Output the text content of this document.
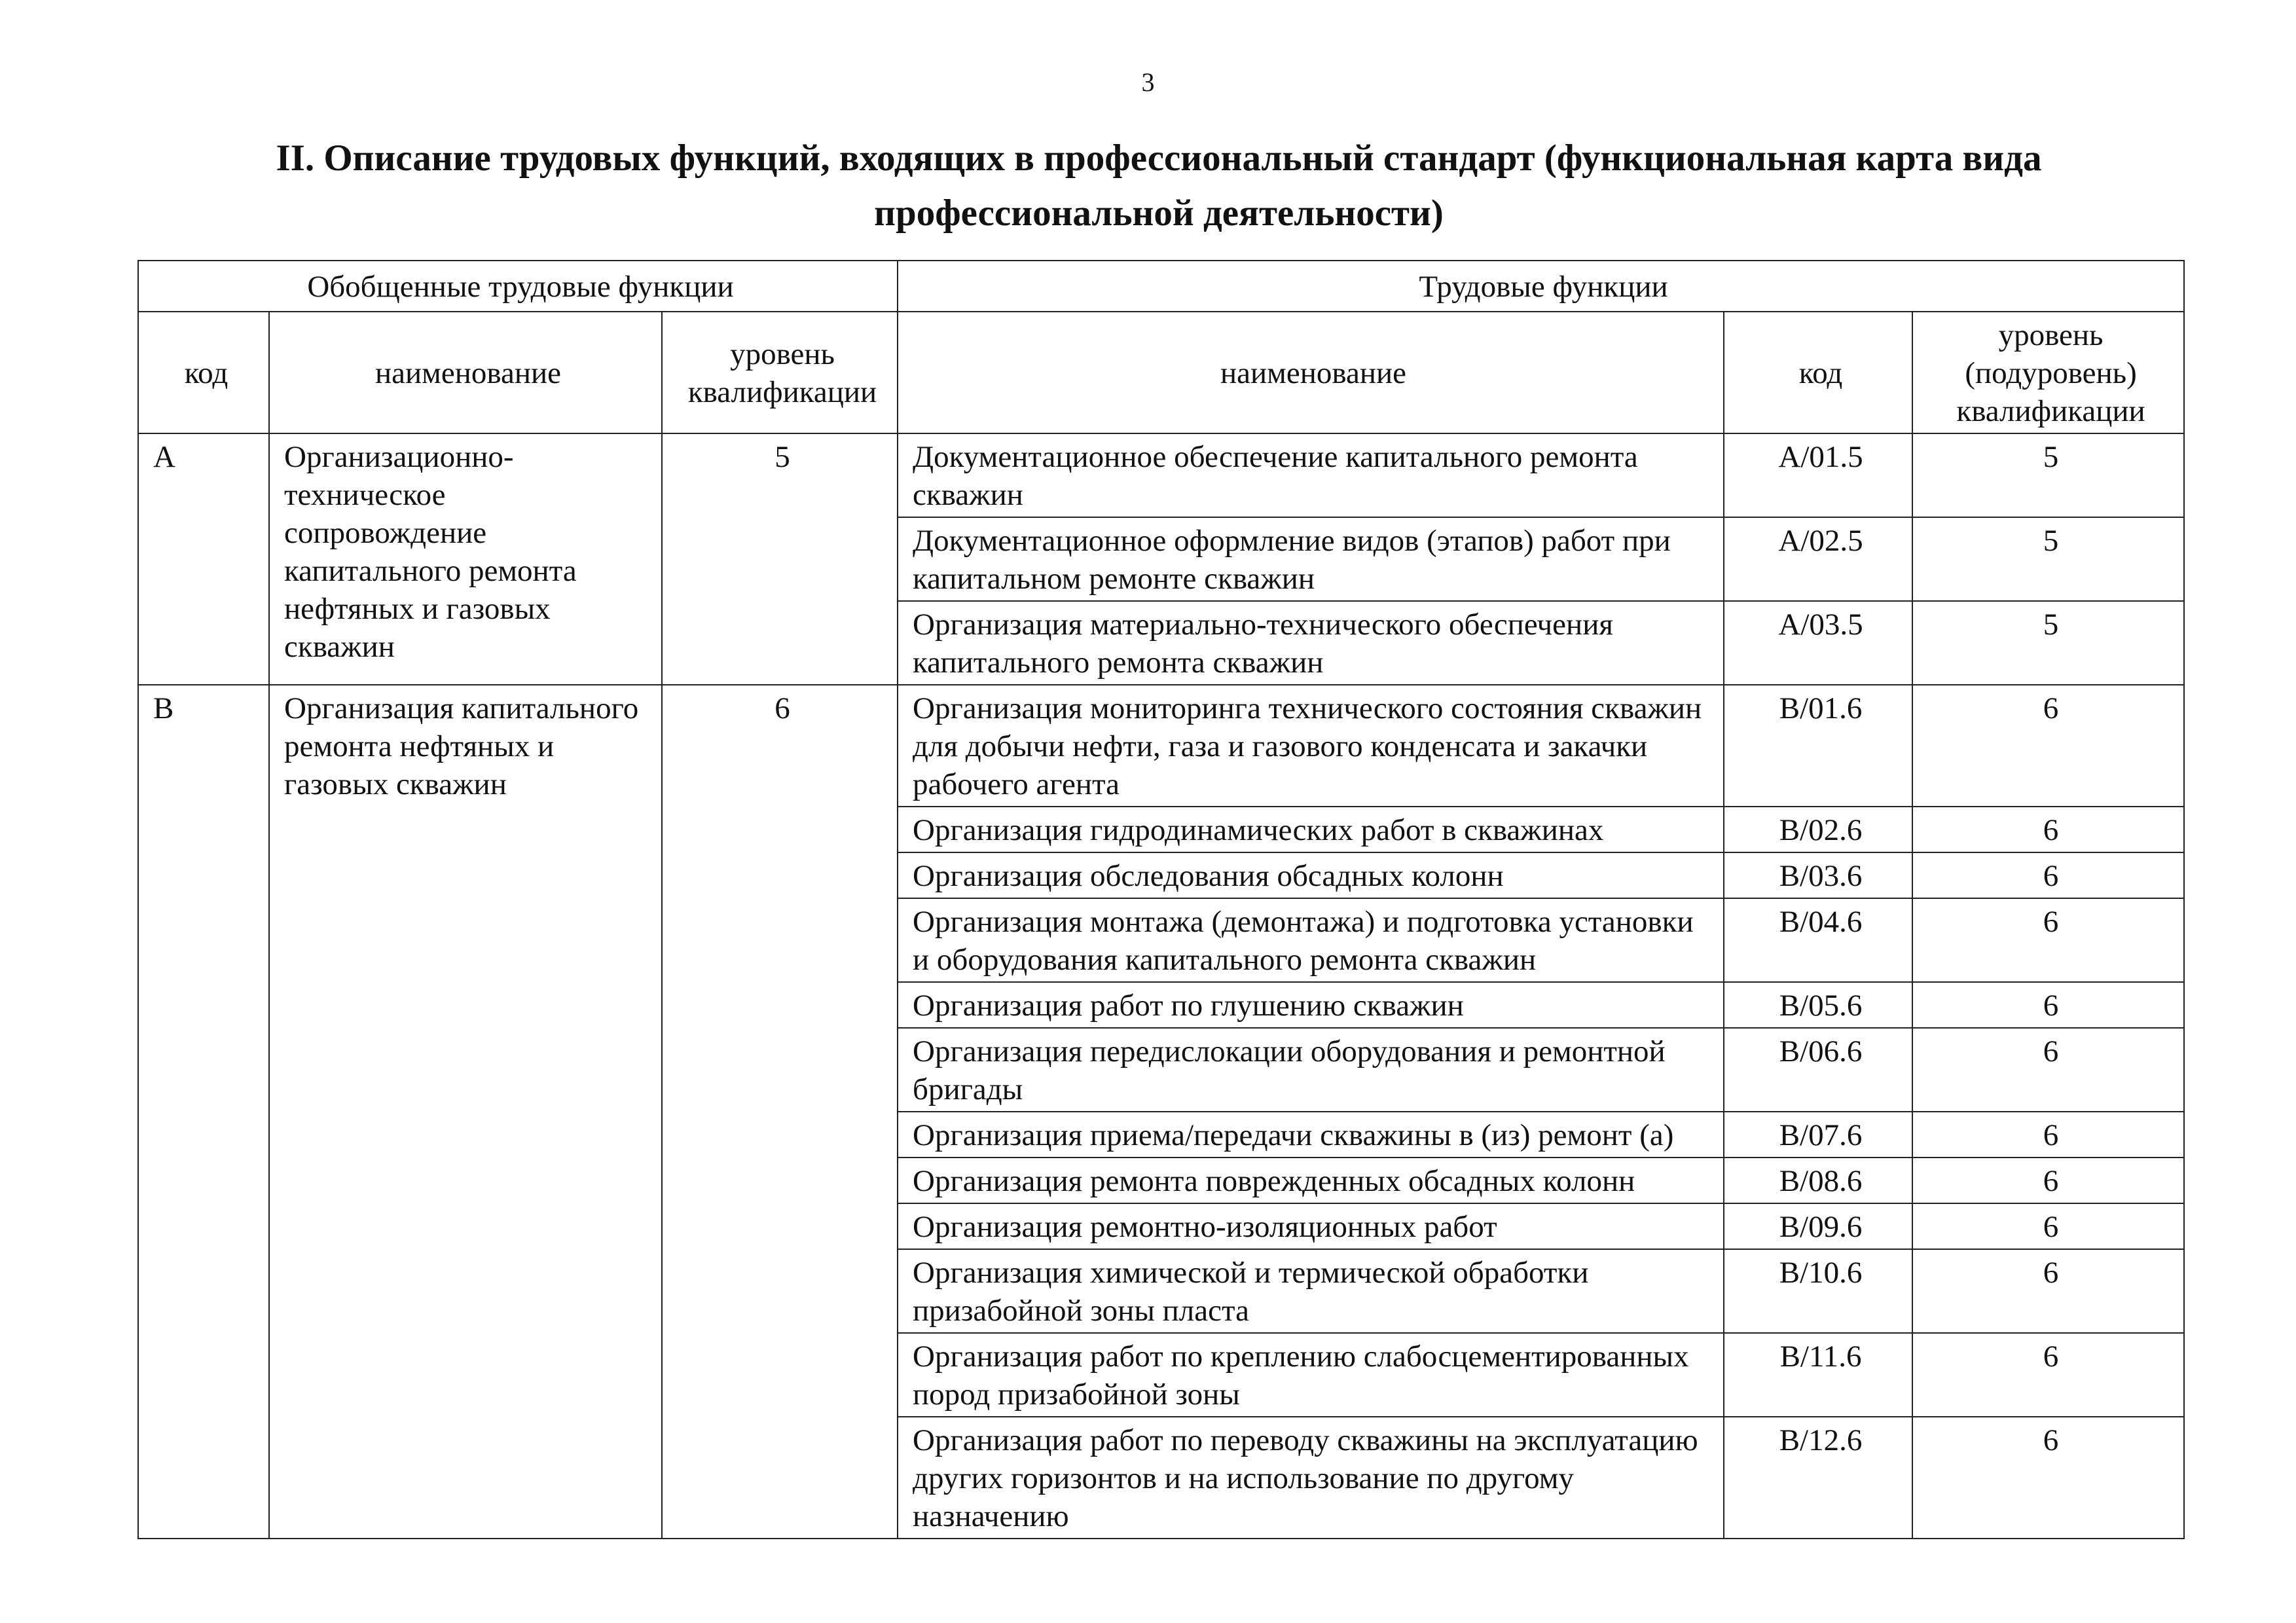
3
II. Описание трудовых функций, входящих в профессиональный стандарт (функциональная карта вида профессиональной деятельности)
Обобщенные трудовые функции			Трудовые функции		
код	наименование	уровень квалификации	наименование	код	уровень (подуровень) квалификации
A	Организационно-техническое сопровождение капитального ремонта нефтяных и газовых скважин	5	Документационное обеспечение капитального ремонта скважин	A/01.5	5
			Документационное оформление видов (этапов) работ при капитальном ремонте скважин	A/02.5	5
			Организация материально-технического обеспечения капитального ремонта скважин	A/03.5	5
B	Организация капитального ремонта нефтяных и газовых скважин	6	Организация мониторинга технического состояния скважин для добычи нефти, газа и газового конденсата и закачки рабочего агента	B/01.6	6
			Организация гидродинамических работ в скважинах	B/02.6	6
			Организация обследования обсадных колонн	B/03.6	6
			Организация монтажа (демонтажа) и подготовка установки и оборудования капитального ремонта скважин	B/04.6	6
			Организация работ по глушению скважин	B/05.6	6
			Организация передислокации оборудования и ремонтной бригады	B/06.6	6
			Организация приема/передачи скважины в (из) ремонт (а)	B/07.6	6
			Организация ремонта поврежденных обсадных колонн	B/08.6	6
			Организация ремонтно-изоляционных работ	B/09.6	6
			Организация химической и термической обработки призабойной зоны пласта	B/10.6	6
			Организация работ по креплению слабосцементированных пород призабойной зоны	B/11.6	6
			Организация работ по переводу скважины на эксплуатацию других горизонтов и на использование по другому назначению	B/12.6	6
